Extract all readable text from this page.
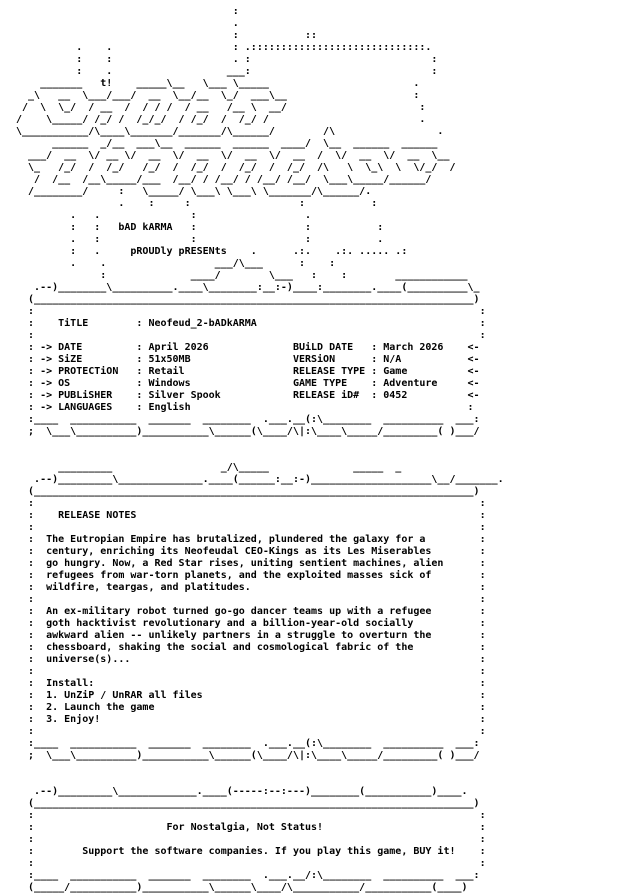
:
.
:           ::
.    .                    : .:::::::::::::::::::::::::::::.
:    :                    . :                              :
:    .                   ___:                              :
_______   t!    _____\__   \___ \_____                        .
_\   __  \___/___/  __  \__/__  \_/  ___\__                     :
/  \  \_/  / __  /  / / /  / __   /__ \  __/                      :
/    \_____/ /_/ /  /_/_/  / /_/  /  /_/ /                         .
\___________/\____\_______/_______/\______/        /\                 .
______  _/__  ___\__  ______  ______  ____/  \__  ______  ______
___/  __  \/ __ \/  __  \/  __  \/  __  \/  __  /  \/  __  \/  __  \__
\_   /_/  /  /_/   /_/  /  /_/  /  /_/  /  /_/  /\   \  \_\  \  \/_/  /
/  /__  /__\_____/___  /__/ / /__/ / /__/ /__/  \___\_____/______/
/________/     :   \_____/ \___\ \___\ \_______/\______/.
.    :     :                  :           :
.   .               :                  .
:   :   bAD kARMA   :                  :           :
.   :               :                  :           .
:   .     pROUDly pRESENts    .      .:.    .:. ..... .:
.    .                  ___/\___      :    :
:              ____/        \___   :    :        ____________
.--)________\__________.____\________:__:-)____:________.____(__________\_
(_________________________________________________________________________)
:                                                                          :
:    TiTLE        : Neofeud_2-bADkARMA                                     :
:                                                                          :
: -> DATE         : April 2026              BUiLD DATE   : March 2026    <-
: -> SiZE         : 51x50MB                 VERSiON      : N/A           <-
: -> PROTECTiON   : Retail                  RELEASE TYPE : Game          <-
: -> OS           : Windows                 GAME TYPE    : Adventure     <-
: -> PUBLiSHER    : Silver Spook            RELEASE iD#  : 0452          <-
: -> LANGUAGES    : English                                              :
:____  ___________  _______  ________  .___.__(:\________  __________  ___:
;  \___\__________)___________\______(\____/\|:\____\_____/_________( )___/

_________                  _/\_____              _____  _
.--)_________\______________.____(______:__:-)____________________\__/_______.
(_________________________________________________________________________)
:                                                                          :
:    RELEASE NOTES                                                         :
:                                                                          :
:  The Eutropian Empire has brutalized, plundered the galaxy for a         :
:  century, enriching its Neofeudal CEO-Kings as its Les Miserables        :
:  go hungry. Now, a Red Star rises, uniting sentient machines, alien      :
:  refugees from war-torn planets, and the exploited masses sick of        :
:  wildfire, teargas, and platitudes.                                      :
:                                                                          :
:  An ex-military robot turned go-go dancer teams up with a refugee        :
:  goth hacktivist revolutionary and a billion-year-old socially           :
:  awkward alien -- unlikely partners in a struggle to overturn the        :
:  chessboard, shaking the social and cosmological fabric of the           :
:  universe(s)...                                                          :
:                                                                          :
:  Install:                                                                :
:  1. UnZiP / UnRAR all files                                              :
:  2. Launch the game                                                      :
:  3. Enjoy!                                                               :
:                                                                          :
:____  ___________  _______  ________  .___.__(:\________  __________  ___:
;  \___\__________)___________\______(\____/\|:\____\_____/_________( )___/

.--)_________\_____________.____(-----:--:---)________(___________)____.
(_________________________________________________________________________)
:                                                                          :
:                      For Nostalgia, Not Status!                          :
:                                                                          :
:        Support the software companies. If you play this game, BUY it!    :
:                                                                          :
:____  ___________  _______  ________  .___.__/:\________  __________  ___:
(_____/___________)___________\______\____/\___________/___________(____)
